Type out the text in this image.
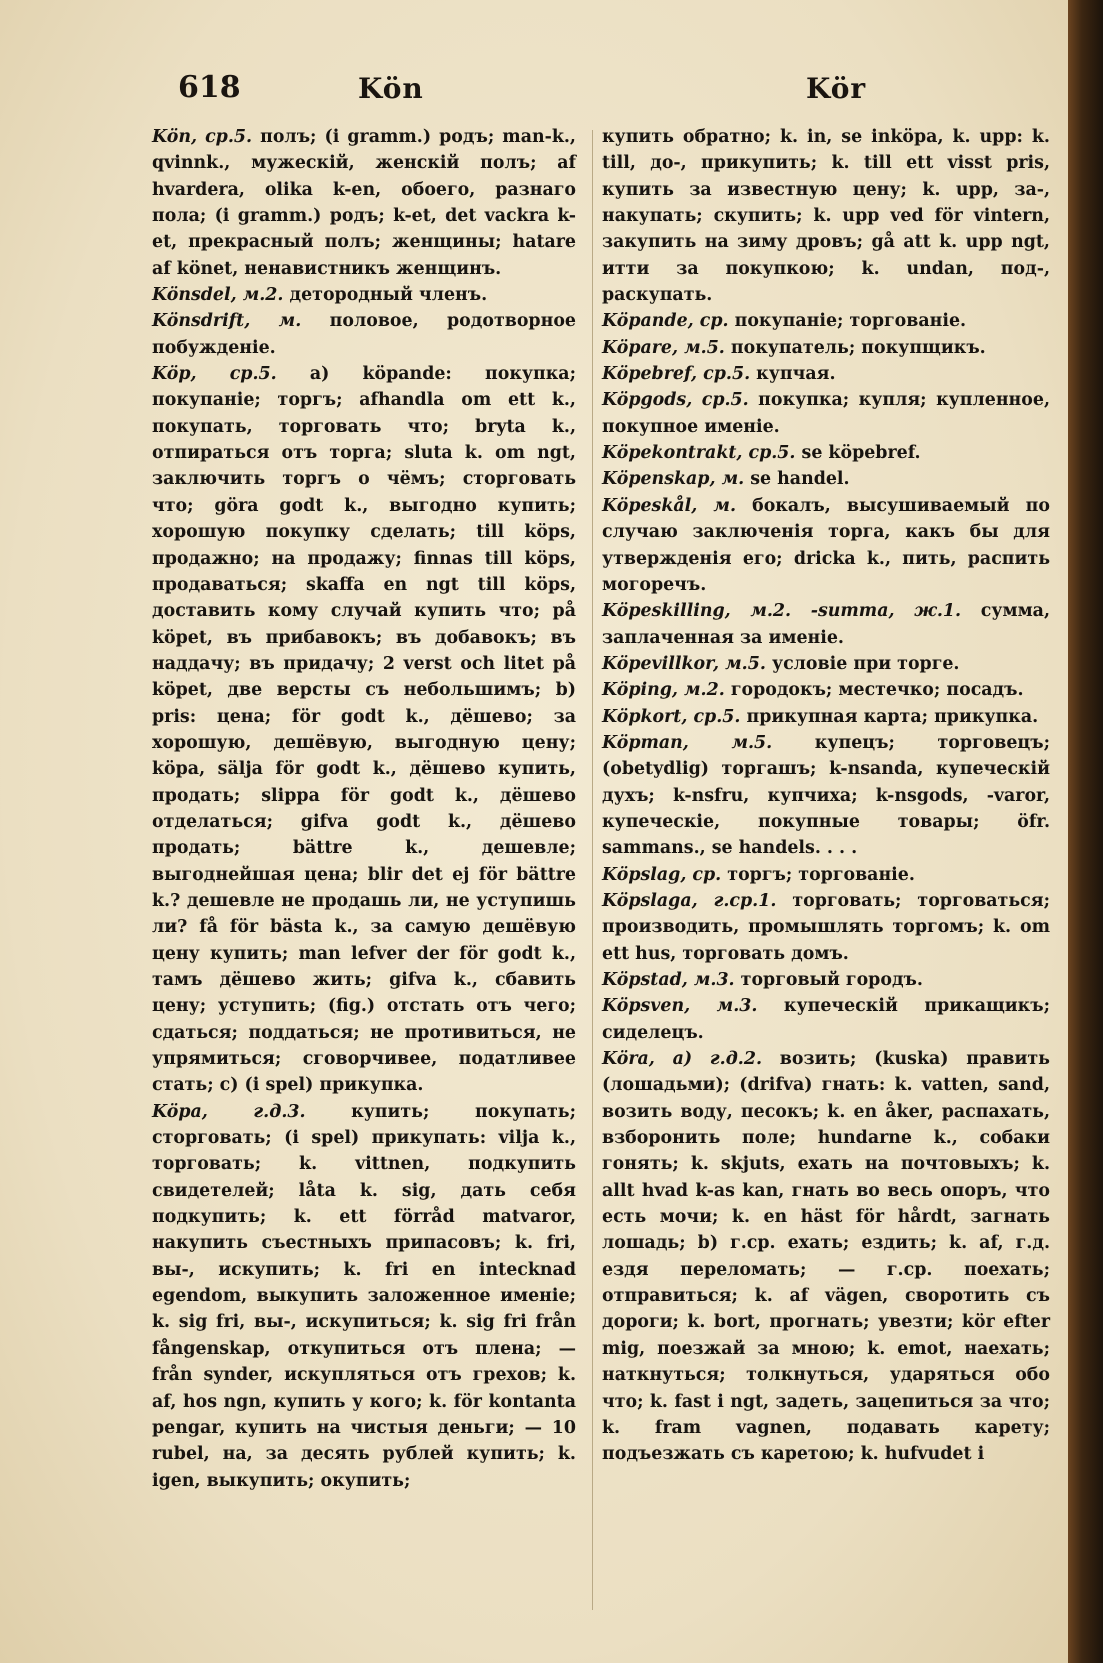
618	Kön	Kör

Kön, ср.5. полъ; (i gramm.) родъ; man-k., qvinnk., мужескій, женскій полъ; af hvardera, olika k-en, обоего, разнаго пола; (i gramm.) родъ; k-et, det vackra k-et, прекрасный полъ; женщины; hatare af könet, ненавистникъ женщинъ.

Könsdel, м.2. детородный членъ.

Könsdrift, м. половое, родотворное побужденіе.

Köp, ср.5. a) köpande: покупка; покупаніе; торгъ; afhandla om ett k., покупать, торговать что; bryta k., отпираться отъ торга; sluta k. om ngt, заключить торгъ о чёмъ; сторговать что; göra godt k., выгодно купить; хорошую покупку сделать; till köps, продажно; на продажу; finnas till köps, продаваться; skaffa en ngt till köps, доставить кому случай купить что; på köpet, въ прибавокъ; въ добавокъ; въ наддачу; въ придачу; 2 verst och litet på köpet, две версты съ небольшимъ; b) pris: цена; för godt k., дёшево; за хорошую, дешёвую, выгодную цену; köpa, sälja för godt k., дёшево купить, продать; slippa för godt k., дёшево отделаться; gifva godt k., дёшево продать; bättre k., дешевле; выгоднейшая цена; blir det ej för bättre k.? дешевле не продашь ли, не уступишь ли? få för bästa k., за самую дешёвую цену купить; man lefver der för godt k., тамъ дёшево жить; gifva k., сбавить цену; уступить; (fig.) отстать отъ чего; сдаться; поддаться; не противиться, не упрямиться; сговорчивее, податливее стать; c) (i spel) прикупка.

Köpa, г.д.3. купить; покупать; сторговать; (i spel) прикупать: vilja k., торговать; k. vittnen, подкупить свидетелей; låta k. sig, дать себя подкупить; k. ett förråd matvaror, накупить съестныхъ припасовъ; k. fri, вы-, искупить; k. fri en intecknad egendom, выкупить заложенное именіе; k. sig fri, вы-, искупиться; k. sig fri från fångenskap, откупиться отъ плена; — från synder, искупляться отъ грехов; k. af, hos ngn, купить у кого; k. för kontanta pengar, купить на чистыя деньги; — 10 rubel, на, за десять рублей купить; k. igen, выкупить; окупить;

купить обратно; k. in, se inköpa, k. upp: k. till, до-, прикупить; k. till ett visst pris, купить за известную цену; k. upp, за-, накупать; скупить; k. upp ved för vintern, закупить на зиму дровъ; gå att k. upp ngt, итти за покупкою; k. undan, под-, раскупать.

Köpande, ср. покупаніе; торгованіе.

Köpare, м.5. покупатель; покупщикъ.

Köpebref, ср.5. купчая.

Köpgods, ср.5. покупка; купля; купленное, покупное именіе.

Köpekontrakt, ср.5. se köpebref.

Köpenskap, м. se handel.

Köpeskål, м. бокалъ, высушиваемый по случаю заключенія торга, какъ бы для утвержденія его; dricka k., пить, распить могоречъ.

Köpeskilling, м.2. -summa, ж.1. сумма, заплаченная за именіе.

Köpevillkor, м.5. условіе при торге.

Köping, м.2. городокъ; местечко; посадъ.

Köpkort, ср.5. прикупная карта; прикупка.

Köpman, м.5. купецъ; торговецъ; (obetydlig) торгашъ; k-nsanda, купеческій духъ; k-nsfru, купчиха; k-nsgods, -varor, купеческіе, покупные товары; öfr. sammans., se handels. . . .

Köpslag, ср. торгъ; торгованіе.

Köpslaga, г.ср.1. торговать; торговаться; производить, промышлять торгомъ; k. om ett hus, торговать домъ.

Köpstad, м.3. торговый городъ.

Köpsven, м.3. купеческій прикащикъ; сиделецъ.

Köra, a) г.д.2. возить; (kuska) править (лошадьми); (drifva) гнать: k. vatten, sand, возить воду, песокъ; k. en åker, распахать, взборонить поле; hundarne k., собаки гонять; k. skjuts, ехать на почтовыхъ; k. allt hvad k-as kan, гнать во весь опоръ, что есть мочи; k. en häst för hårdt, загнать лошадь; b) г.ср. ехать; ездить; k. af, г.д. ездя переломать; — г.ср. поехать; отправиться; k. af vägen, своротить съ дороги; k. bort, прогнать; увезти; kör efter mig, поезжай за мною; k. emot, наехать; наткнуться; толкнуться, ударяться обо что; k. fast i ngt, задеть, зацепиться за что; k. fram vagnen, подавать карету; подъезжать съ каретою; k. hufvudet i
